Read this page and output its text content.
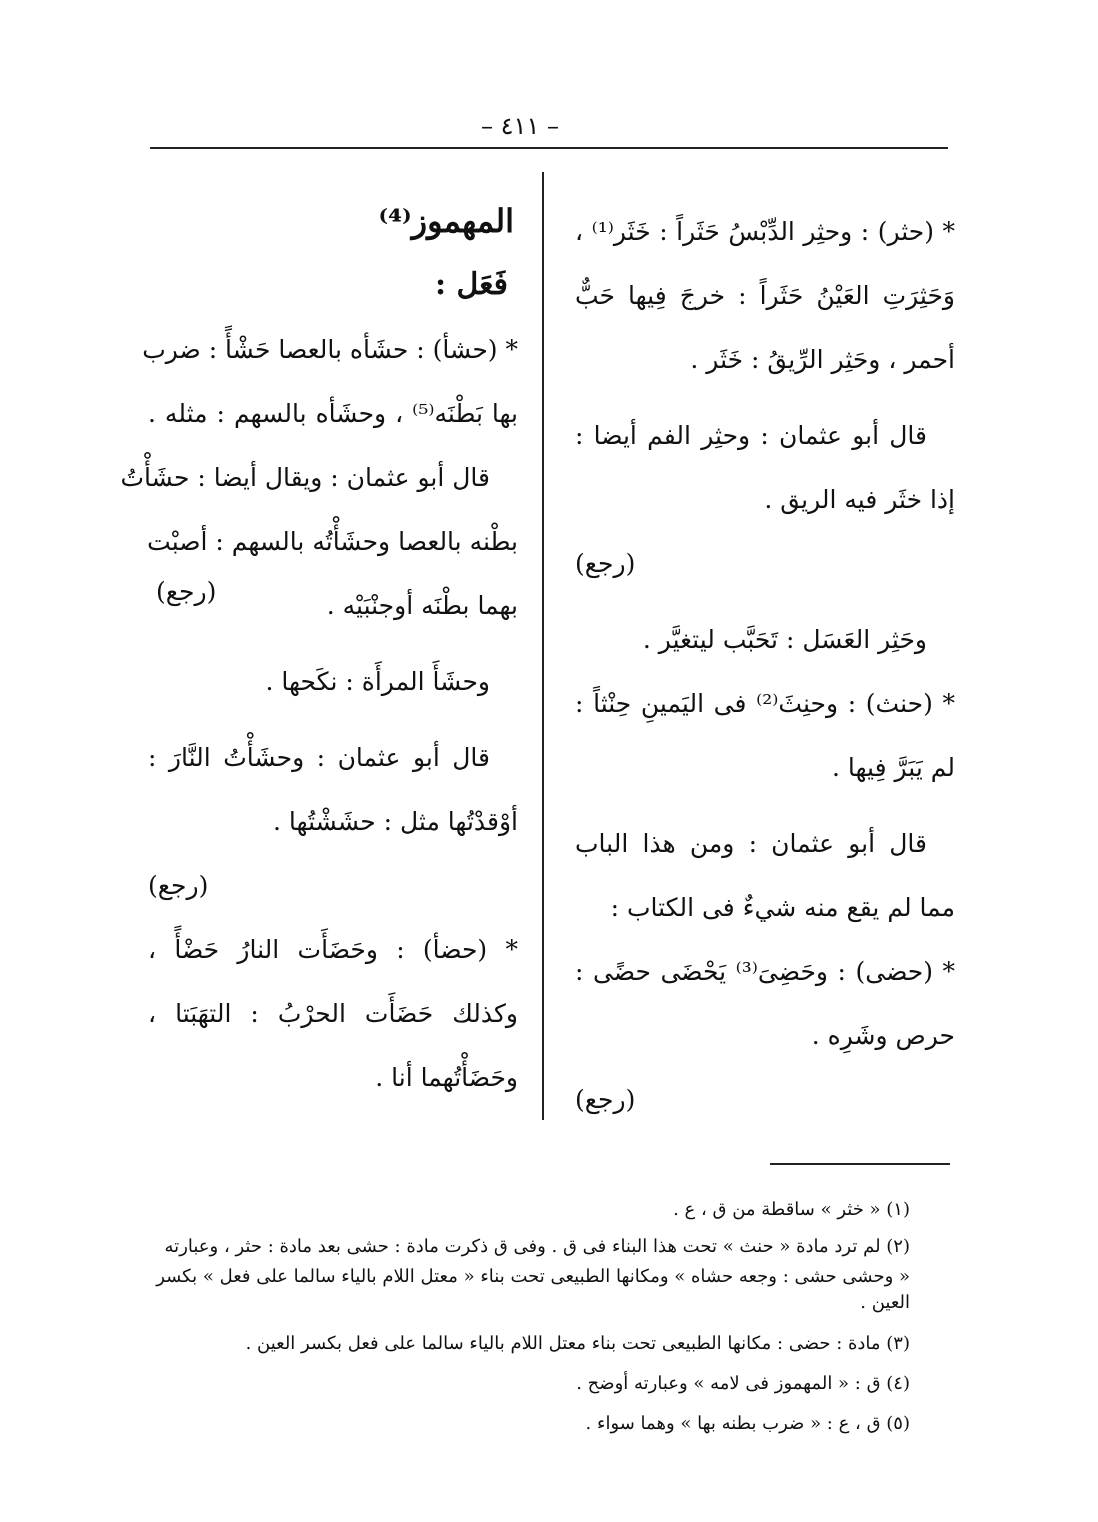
– ٤١١ –
* (حثر) : وحثِر الدِّبْسُ حَثَراً : خَثَر⁽¹⁾ ،
وَحَثِرَتِ العَيْنُ حَثَراً : خرجَ فِيها حَبٌّ
أحمر ، وحَثِر الرِّيقُ : خَثَر .
قال أبو عثمان : وحثِر الفم أيضا :
إذا خثَر فيه الريق .
(رجع)
وحَثِر العَسَل : تَحَبَّب ليتغيَّر .
* (حنث) : وحنِثَ⁽²⁾ فى اليَمينِ حِنْثاً :
لم يَبَرَّ فِيها .
قال أبو عثمان : ومن هذا الباب
مما لم يقع منه شيءٌ فى الكتاب :
* (حضى) : وحَضِىَ⁽³⁾ يَحْضَى حضًى :
حرص وشَرِه .
(رجع)
المهموز⁽⁴⁾
فَعَل :
* (حشأ) : حشَأه بالعصا حَشْأً : ضرب
بها بَطْنَه⁽⁵⁾ ، وحشَأه بالسهم : مثله .
قال أبو عثمان : ويقال أيضا : حشَأْتُ
بطْنه بالعصا وحشَأْتُه بالسهم : أصبْت
بهما بطْنَه أوجنْبَيْه .
(رجع)
وحشَأَ المرأَة : نكَحها .
قال أبو عثمان : وحشَأْتُ النَّارَ :
أوْقدْتُها مثل : حشَشْتُها .
(رجع)
* (حضأ) : وحَضَأَت النارُ حَضْأً ،
وكذلك حَضَأَت الحرْبُ : التهَبَتا ،
وحَضَأْتُهما أنا .
(١) « خثر » ساقطة من ق ، ع .
(٢) لم ترد مادة « حنث » تحت هذا البناء فى ق . وفى ق ذكرت مادة : حشى بعد مادة : حثر ، وعبارته
« وحشى حشى : وجعه حشاه » ومكانها الطبيعى تحت بناء « معتل اللام بالياء سالما على فعل » بكسر العين .
(٣) مادة : حضى : مكانها الطبيعى تحت بناء معتل اللام بالياء سالما على فعل بكسر العين .
(٤) ق : « المهموز فى لامه » وعبارته أوضح .
(٥) ق ، ع : « ضرب بطنه بها » وهما سواء .
